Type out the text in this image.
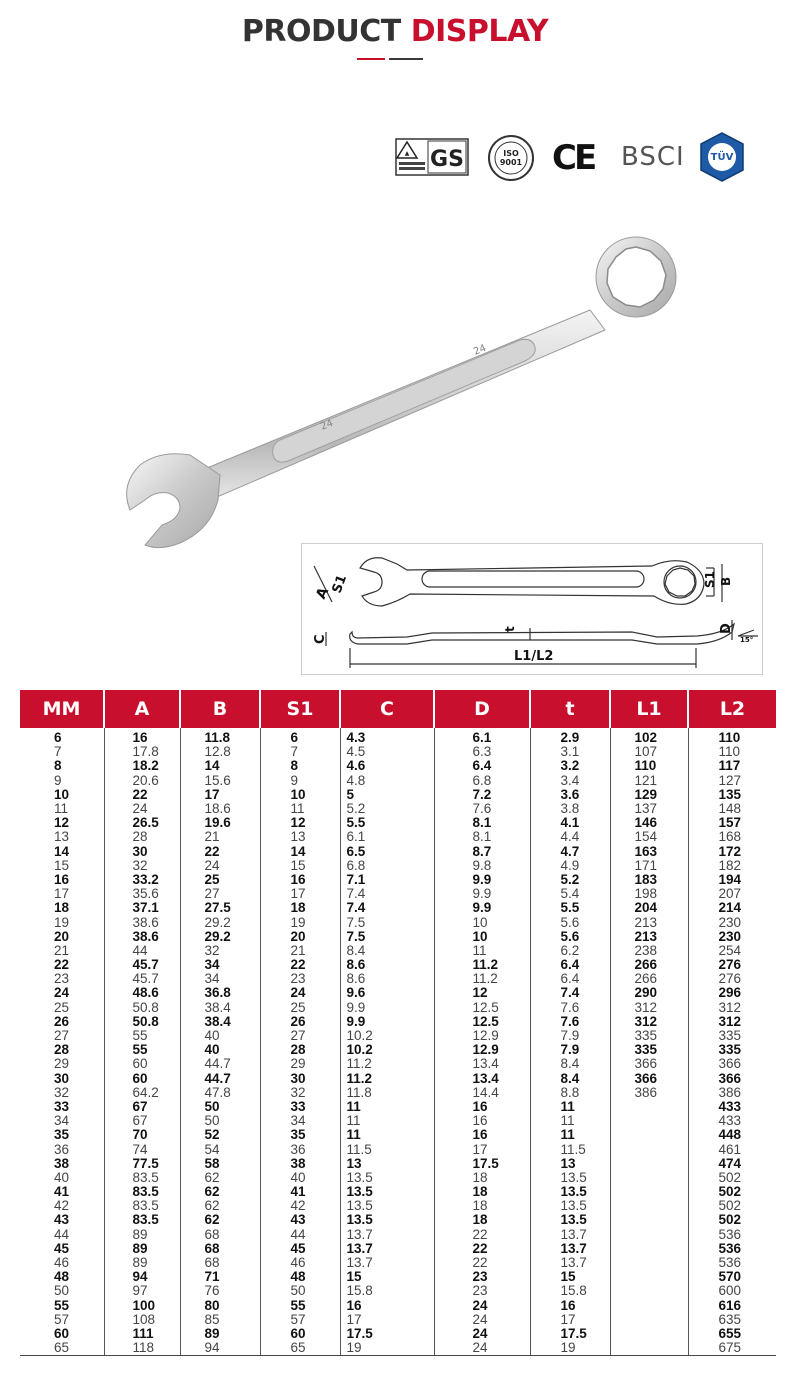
PRODUCT DISPLAY
▲ GS	ISO
9001 CE BSCI	TÜV
24
24
A
S1	S1 B
C
D
t
L1/L2
15°
MM	A	B	S1	C	D	t	L1	L2
6	16	11.8	6	4.3	6.1	2.9	102	110
7	17.8	12.8	7	4.5	6.3	3.1	107	110
8	18.2	14	8	4.6	6.4	3.2	110	117
9	20.6	15.6	9	4.8	6.8	3.4	121	127
10	22	17	10	5	7.2	3.6	129	135
11	24	18.6	11	5.2	7.6	3.8	137	148
12	26.5	19.6	12	5.5	8.1	4.1	146	157
13	28	21	13	6.1	8.1	4.4	154	168
14	30	22	14	6.5	8.7	4.7	163	172
15	32	24	15	6.8	9.8	4.9	171	182
16	33.2	25	16	7.1	9.9	5.2	183	194
17	35.6	27	17	7.4	9.9	5.4	198	207
18	37.1	27.5	18	7.4	9.9	5.5	204	214
19	38.6	29.2	19	7.5	10	5.6	213	230
20	38.6	29.2	20	7.5	10	5.6	213	230
21	44	32	21	8.4	11	6.2	238	254
22	45.7	34	22	8.6	11.2	6.4	266	276
23	45.7	34	23	8.6	11.2	6.4	266	276
24	48.6	36.8	24	9.6	12	7.4	290	296
25	50.8	38.4	25	9.9	12.5	7.6	312	312
26	50.8	38.4	26	9.9	12.5	7.6	312	312
27	55	40	27	10.2	12.9	7.9	335	335
28	55	40	28	10.2	12.9	7.9	335	335
29	60	44.7	29	11.2	13.4	8.4	366	366
30	60	44.7	30	11.2	13.4	8.4	366	366
32	64.2	47.8	32	11.8	14.4	8.8	386	386
33	67	50	33	11	16	11		433
34	67	50	34	11	16	11		433
35	70	52	35	11	16	11		448
36	74	54	36	11.5	17	11.5		461
38	77.5	58	38	13	17.5	13		474
40	83.5	62	40	13.5	18	13.5		502
41	83.5	62	41	13.5	18	13.5		502
42	83.5	62	42	13.5	18	13.5		502
43	83.5	62	43	13.5	18	13.5		502
44	89	68	44	13.7	22	13.7		536
45	89	68	45	13.7	22	13.7		536
46	89	68	46	13.7	22	13.7		536
48	94	71	48	15	23	15		570
50	97	76	50	15.8	23	15.8		600
55	100	80	55	16	24	16		616
57	108	85	57	17	24	17		635
60	111	89	60	17.5	24	17.5		655
65	118	94	65	19	24	19		675
